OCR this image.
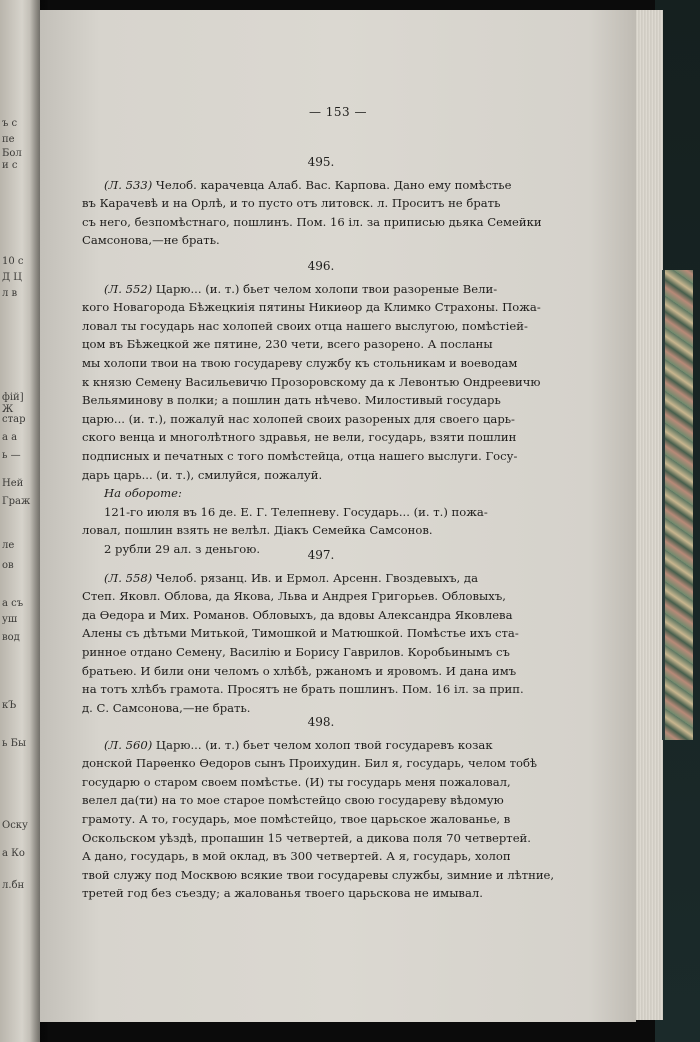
ъ с
пе
Бол
и с
10 с
Д Ц
л в
фій]
Ж
стар
а а
ь —
Ней
Граж
ле
ов
а съ
уш
вод
кЪ
ь Бы
Оску
а Ко
л.бн
— 153 —
495.
(Л. 533) Челоб. карачевца Алаб. Вас. Карпова. Дано ему помѣстье
въ Карачевѣ и на Орлѣ, и то пусто отъ литовск. л. Проситъ не брать
съ него, безпомѣстнаго, пошлинъ. Пом. 16 іл. за приписью дьяка Семейки
Самсонова,—не брать.
496.
(Л. 552) Царю... (и. т.) бьет челом холопи твои разореные Вели-
кого Новагорода Бѣжецкиія пятины Никиѳор да Климко Страхоны. Пожа-
ловал ты государь нас холопей своих отца нашего выслугою, помѣстіей-
цом въ Бѣжецкой же пятине, 230 чети, всего разорено. А посланы
мы холопи твои на твою государеву службу къ стольникам и воеводам
к князю Семену Васильевичю Прозоровскому да к Левонтью Ондреевичю
Вельяминову в полки; а пошлин дать нѣчево. Милостивый государь
царю... (и. т.), пожалуй нас холопей своих разореных для своего царь-
ского венца и многолѣтного здравья, не вели, государь, взяти пошлин
подписных и печатных с того помѣстейца, отца нашего выслуги. Госу-
дарь царь... (и. т.), смилуйся, пожалуй.
На обороте:
121-го июля въ 16 де. Е. Г. Телепневу. Государь... (и. т.) пожа-
ловал, пошлин взять не велѣл. Діакъ Семейка Самсонов.
2 рубли 29 ал. з деньгою.	497.
(Л. 558) Челоб. рязанц. Ив. и Ермол. Арсенн. Гвоздевыхъ, да
Степ. Яковл. Облова, да Якова, Льва и Андрея Григорьев. Обловыхъ,
да Ѳедора и Мих. Романов. Обловыхъ, да вдовы Александра Яковлева
Алены съ дѣтьми Митькой, Тимошкой и Матюшкой. Помѣстье ихъ ста-
ринное отдано Семену, Василію и Борису Гаврилов. Коробьинымъ съ
братьею. И били они челомъ о хлѣбѣ, ржаномъ и яровомъ. И дана имъ
на тотъ хлѣбъ грамота. Просятъ не брать пошлинъ. Пом. 16 іл. за прип.
д. С. Самсонова,—не брать.
498.
(Л. 560) Царю... (и. т.) бьет челом холоп твой государевъ козак
донской Парѳенко Ѳедоров сынъ Проихудин. Бил я, государь, челом тобѣ
государю о старом своем помѣстье. (И) ты государь меня пожаловал,
велел да(ти) на то мое старое помѣстейцо свою государеву вѣдомую
грамоту. А то, государь, мое помѣстейцо, твое царьское жалованье, в
Оскольском уѣздѣ, пропашин 15 четвертей, а дикова поля 70 четвертей.
А дано, государь, в мой оклад, въ 300 четвертей. А я, государь, холоп
твой служу под Москвою всякие твои государевы службы, зимние и лѣтние,
третей год без съезду; а жалованья твоего царьскова не имывал.
